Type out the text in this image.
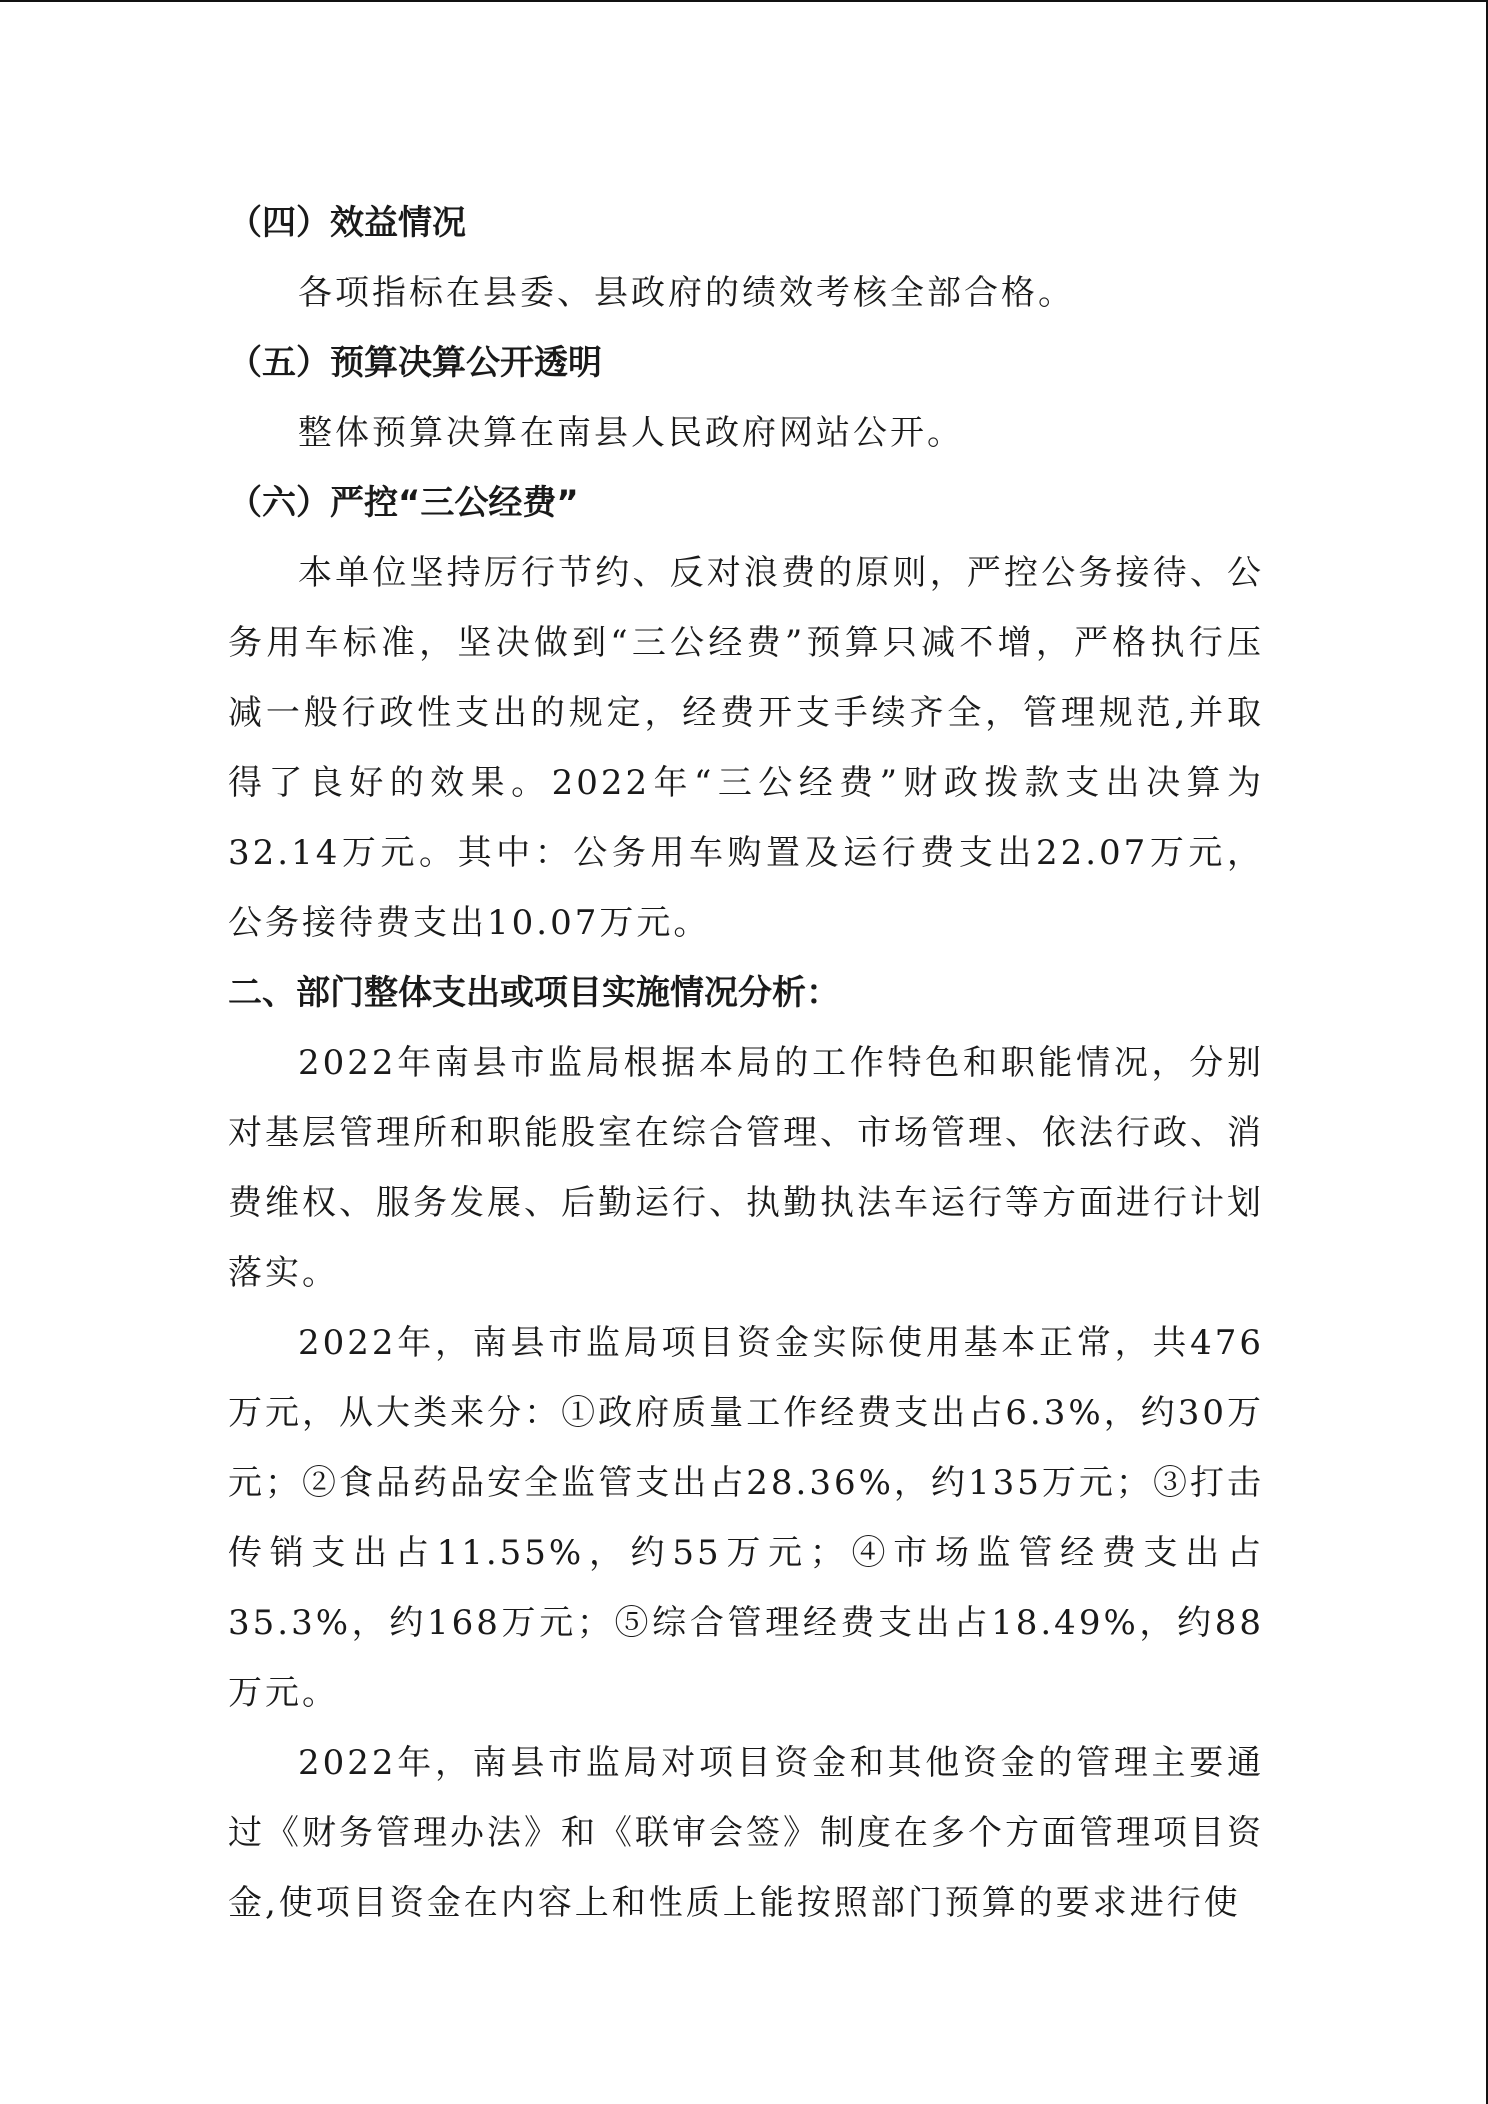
（四）效益情况

各项指标在县委、县政府的绩效考核全部合格。

（五）预算决算公开透明

整体预算决算在南县人民政府网站公开。

（六）严控“三公经费”

本单位坚持厉行节约、反对浪费的原则，严控公务接待、公务用车标准，坚决做到“三公经费”预算只减不增，严格执行压减一般行政性支出的规定，经费开支手续齐全，管理规范,并取得了良好的效果。2022年“三公经费”财政拨款支出决算为32.14万元。其中：公务用车购置及运行费支出22.07万元，公务接待费支出10.07万元。

二、部门整体支出或项目实施情况分析：

2022年南县市监局根据本局的工作特色和职能情况，分别对基层管理所和职能股室在综合管理、市场管理、依法行政、消费维权、服务发展、后勤运行、执勤执法车运行等方面进行计划落实。

2022年，南县市监局项目资金实际使用基本正常，共476万元，从大类来分：①政府质量工作经费支出占6.3%，约30万元；②食品药品安全监管支出占28.36%，约135万元；③打击传销支出占11.55%，约55万元；④市场监管经费支出占35.3%，约168万元；⑤综合管理经费支出占18.49%，约88万元。

2022年，南县市监局对项目资金和其他资金的管理主要通过《财务管理办法》和《联审会签》制度在多个方面管理项目资金,使项目资金在内容上和性质上能按照部门预算的要求进行使
